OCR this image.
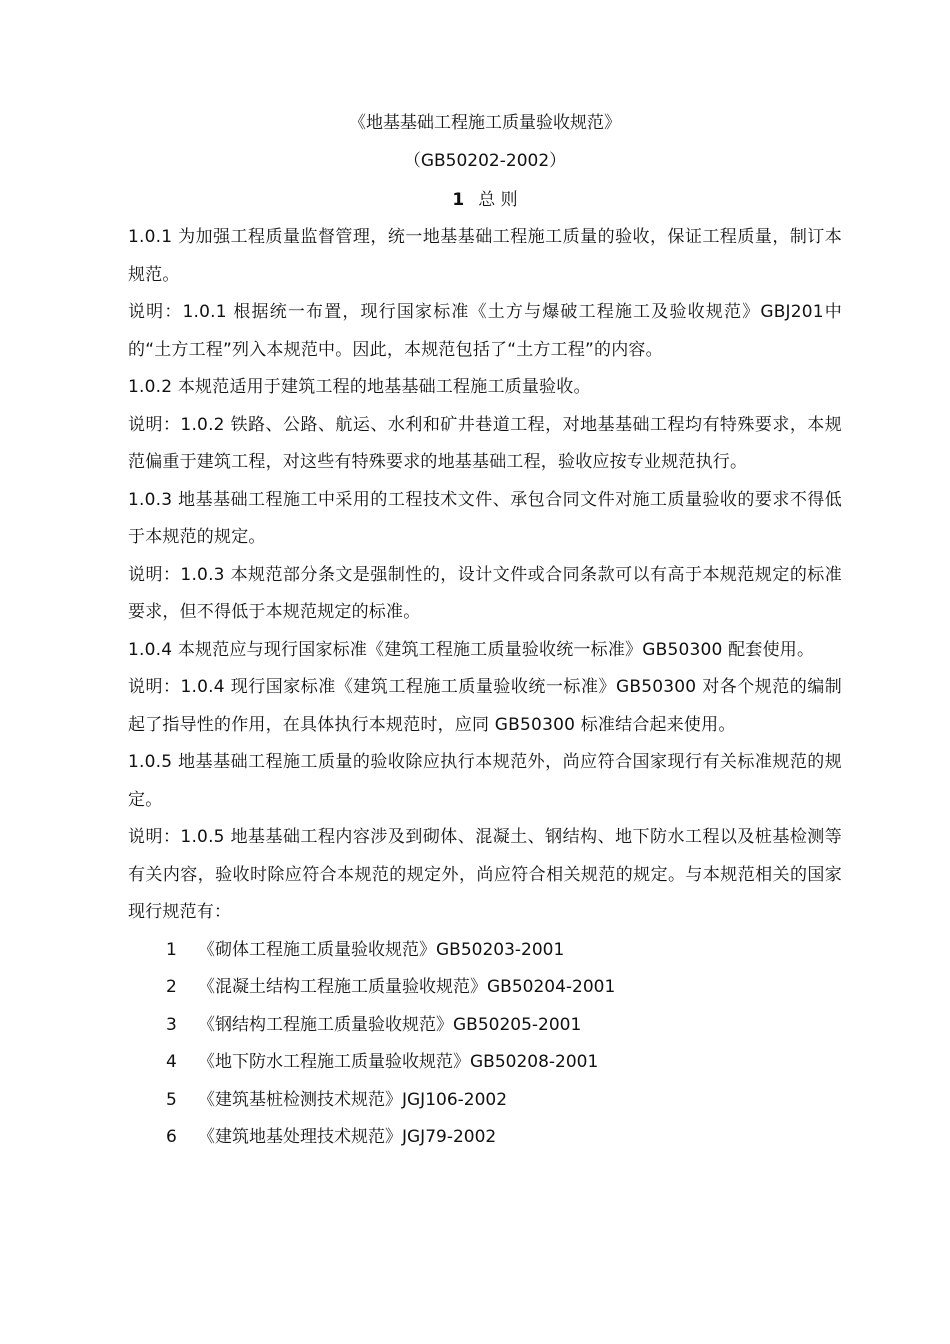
《地基基础工程施工质量验收规范》

（GB50202-2002）

1 总 则

1.0.1 为加强工程质量监督管理，统一地基基础工程施工质量的验收，保证工程质量，制订本规范。

说明：1.0.1 根据统一布置，现行国家标准《土方与爆破工程施工及验收规范》GBJ201中的“土方工程”列入本规范中。因此，本规范包括了“土方工程”的内容。

1.0.2 本规范适用于建筑工程的地基基础工程施工质量验收。

说明：1.0.2 铁路、公路、航运、水利和矿井巷道工程，对地基基础工程均有特殊要求，本规范偏重于建筑工程，对这些有特殊要求的地基基础工程，验收应按专业规范执行。

1.0.3 地基基础工程施工中采用的工程技术文件、承包合同文件对施工质量验收的要求不得低于本规范的规定。

说明：1.0.3 本规范部分条文是强制性的，设计文件或合同条款可以有高于本规范规定的标准要求，但不得低于本规范规定的标准。

1.0.4 本规范应与现行国家标准《建筑工程施工质量验收统一标准》GB50300 配套使用。

说明：1.0.4 现行国家标准《建筑工程施工质量验收统一标准》GB50300 对各个规范的编制起了指导性的作用，在具体执行本规范时，应同 GB50300 标准结合起来使用。

1.0.5 地基基础工程施工质量的验收除应执行本规范外，尚应符合国家现行有关标准规范的规定。

说明：1.0.5 地基基础工程内容涉及到砌体、混凝土、钢结构、地下防水工程以及桩基检测等有关内容，验收时除应符合本规范的规定外，尚应符合相关规范的规定。与本规范相关的国家现行规范有：

1	《砌体工程施工质量验收规范》GB50203-2001
2	《混凝土结构工程施工质量验收规范》GB50204-2001
3	《钢结构工程施工质量验收规范》GB50205-2001
4	《地下防水工程施工质量验收规范》GB50208-2001
5	《建筑基桩检测技术规范》JGJ106-2002
6	《建筑地基处理技术规范》JGJ79-2002
